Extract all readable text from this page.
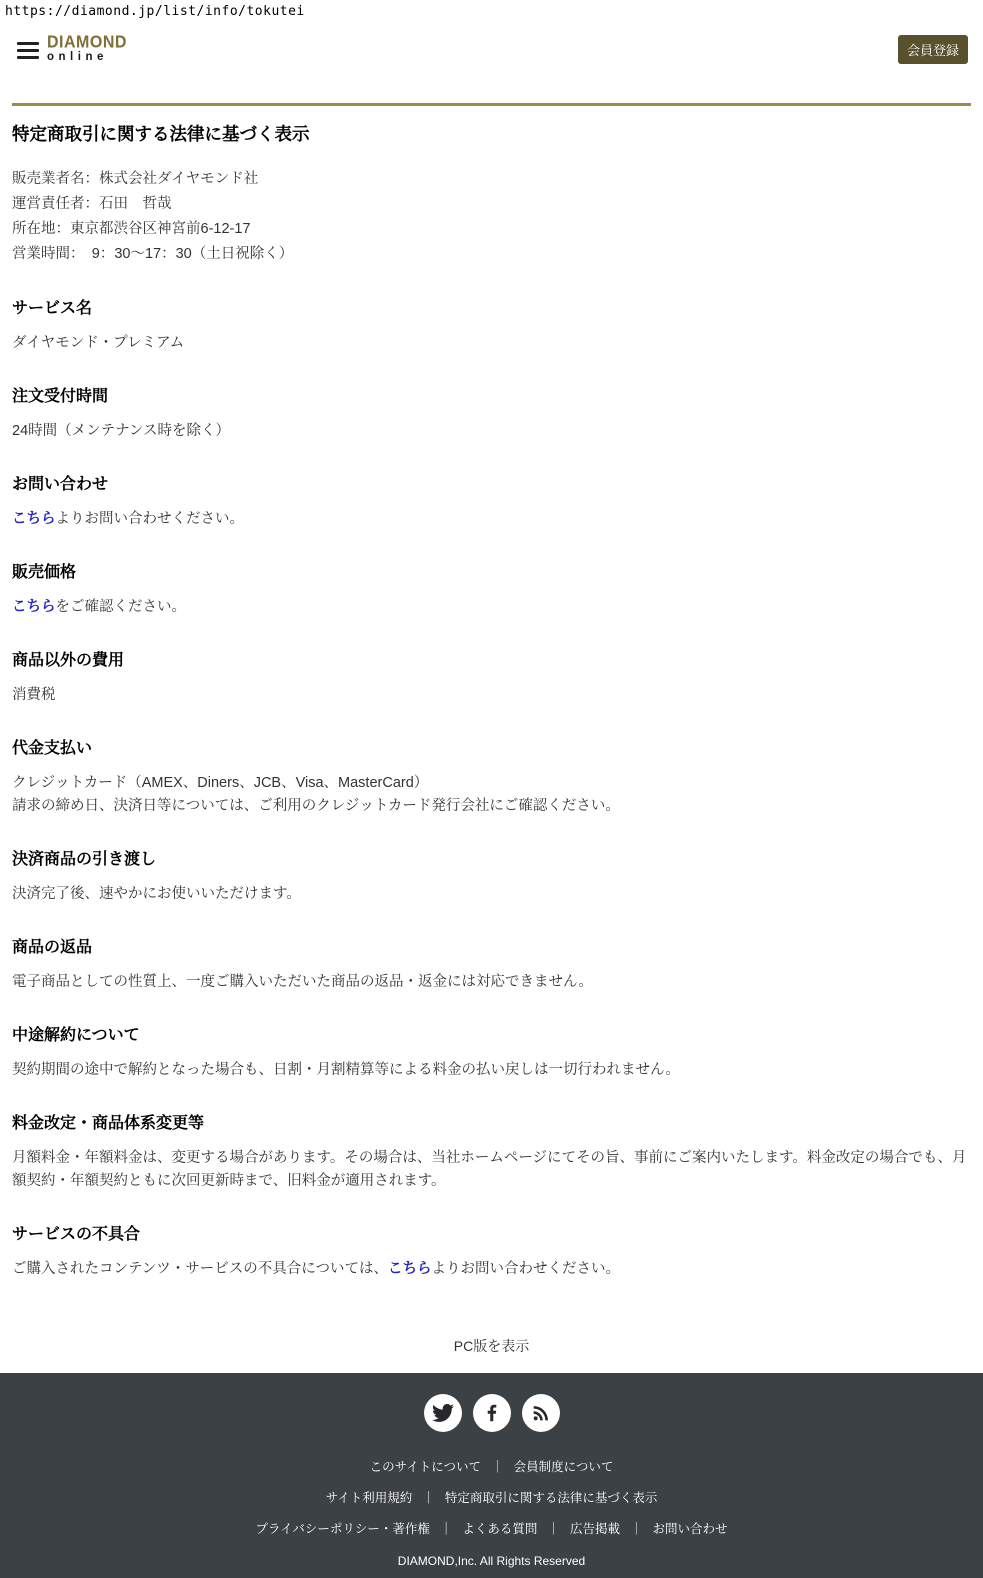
https://diamond.jp/list/info/tokutei
DIAMOND
online	会員登録
特定商取引に関する法律に基づく表示
販売業者名：株式会社ダイヤモンド社
運営責任者：石田　哲哉
所在地：東京都渋谷区神宮前6-12-17
営業時間：　9：30〜17：30（土日祝除く）
サービス名

ダイヤモンド・プレミアム

注文受付時間

24時間（メンテナンス時を除く）

お問い合わせ

こちらよりお問い合わせください。

販売価格

こちらをご確認ください。

商品以外の費用

消費税

代金支払い

クレジットカード（AMEX、Diners、JCB、Visa、MasterCard）
請求の締め日、決済日等については、ご利用のクレジットカード発行会社にご確認ください。

決済商品の引き渡し

決済完了後、速やかにお使いいただけます。

商品の返品

電子商品としての性質上、一度ご購入いただいた商品の返品・返金には対応できません。

中途解約について

契約期間の途中で解約となった場合も、日割・月割精算等による料金の払い戻しは一切行われません。

料金改定・商品体系変更等

月額料金・年額料金は、変更する場合があります。その場合は、当社ホームページにてその旨、事前にご案内いたします。料金改定の場合でも、月額契約・年額契約ともに次回更新時まで、旧料金が適用されます。

サービスの不具合

ご購入されたコンテンツ・サービスの不具合については、こちらよりお問い合わせください。

PC版を表示
このサイトについて ｜ 会員制度について
サイト利用規約 ｜ 特定商取引に関する法律に基づく表示
プライバシーポリシー・著作権 ｜ よくある質問 ｜ 広告掲載 ｜ お問い合わせ
DIAMOND,Inc. All Rights Reserved
